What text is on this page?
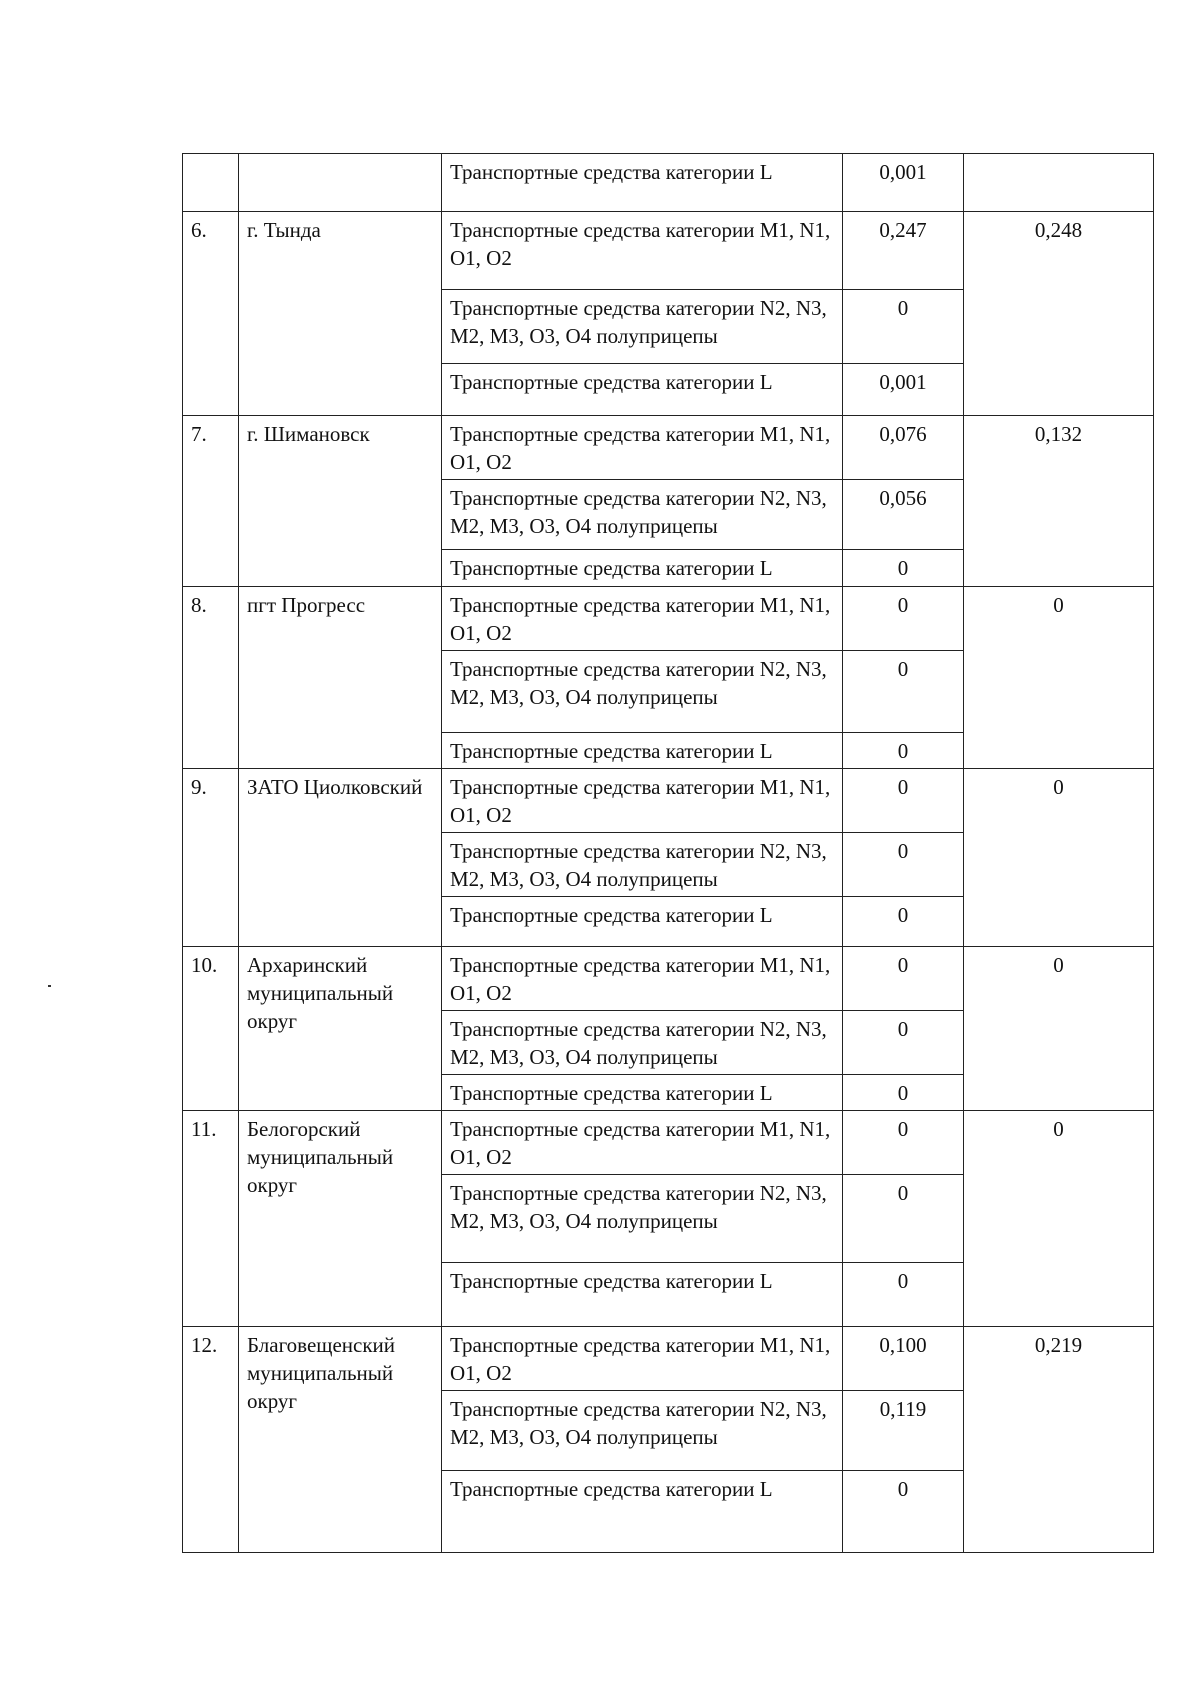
		Транспортные средства категории L	0,001	
6.	г. Тында	Транспортные средства категории M1, N1, O1, O2	0,247	0,248
		Транспортные средства категории N2, N3, M2, M3, O3, O4 полуприцепы	0	
		Транспортные средства категории L	0,001	
7.	г. Шимановск	Транспортные средства категории M1, N1, O1, O2	0,076	0,132
		Транспортные средства категории N2, N3, M2, M3, O3, O4 полуприцепы	0,056	
		Транспортные средства категории L	0	
8.	пгт Прогресс	Транспортные средства категории M1, N1, O1, O2	0	0
		Транспортные средства категории N2, N3, M2, M3, O3, O4 полуприцепы	0	
		Транспортные средства категории L	0	
9.	ЗАТО Циолковский	Транспортные средства категории M1, N1, O1, O2	0	0
		Транспортные средства категории N2, N3, M2, M3, O3, O4 полуприцепы	0	
		Транспортные средства категории L	0	
10.	Архаринский муниципальный округ	Транспортные средства категории M1, N1, O1, O2	0	0
		Транспортные средства категории N2, N3, M2, M3, O3, O4 полуприцепы	0	
		Транспортные средства категории L	0	
11.	Белогорский муниципальный округ	Транспортные средства категории M1, N1, O1, O2	0	0
		Транспортные средства категории N2, N3, M2, M3, O3, O4 полуприцепы	0	
		Транспортные средства категории L	0	
12.	Благовещенский муниципальный округ	Транспортные средства категории M1, N1, O1, O2	0,100	0,219
		Транспортные средства категории N2, N3, M2, M3, O3, O4 полуприцепы	0,119	
		Транспортные средства категории L	0	
